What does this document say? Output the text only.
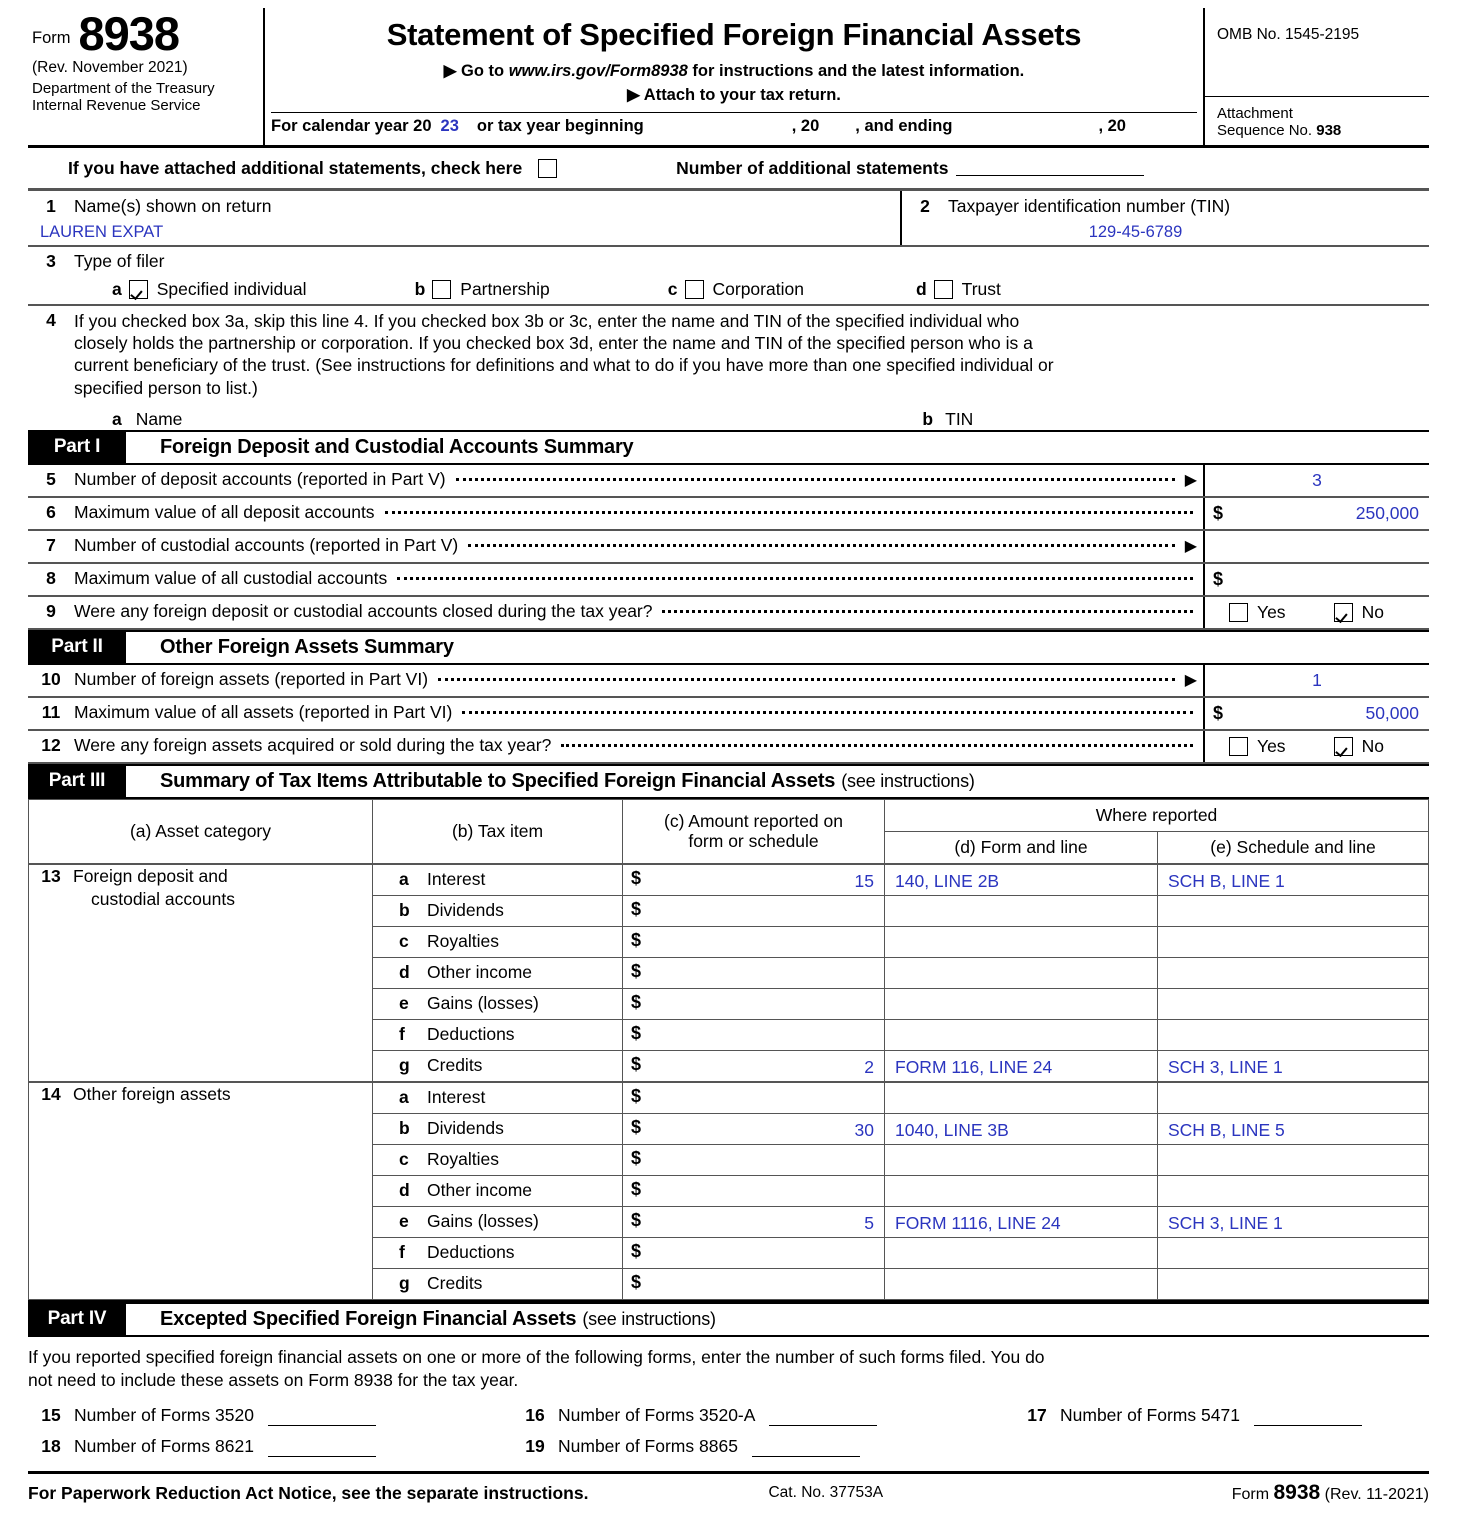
Form 8938
(Rev. November 2021)
Department of the Treasury
Internal Revenue Service
Statement of Specified Foreign Financial Assets
▶ Go to www.irs.gov/Form8938 for instructions and the latest information.
▶ Attach to your tax return.
For calendar year 20 23 or tax year beginning	, 20 , and ending	, 20
OMB No. 1545-2195
Attachment
Sequence No. 938
If you have attached additional statements, check here	Number of additional statements
1	Name(s) shown on return
LAUREN EXPAT
2	Taxpayer identification number (TIN)
129-45-6789
3	Type of filer
a Specified individual	b Partnership	c Corporation	d Trust
4	If you checked box 3a, skip this line 4. If you checked box 3b or 3c, enter the name and TIN of the specified individual who
closely holds the partnership or corporation. If you checked box 3d, enter the name and TIN of the specified person who is a
current beneficiary of the trust. (See instructions for definitions and what to do if you have more than one specified individual or
specified person to list.)
a Name	b TIN
Part I	Foreign Deposit and Custodial Accounts Summary
5	Number of deposit accounts (reported in Part V)	▶	3
6	Maximum value of all deposit accounts	$	250,000
7	Number of custodial accounts (reported in Part V)	▶
8	Maximum value of all custodial accounts	$
9	Were any foreign deposit or custodial accounts closed during the tax year?	Yes	No
Part II	Other Foreign Assets Summary
10 Number of foreign assets (reported in Part VI)	▶	1
11 Maximum value of all assets (reported in Part VI)	$	50,000
12 Were any foreign assets acquired or sold during the tax year?	Yes	No
Part III	Summary of Tax Items Attributable to Specified Foreign Financial Assets (see instructions)
(a) Asset category	(b) Tax item	(c) Amount reported on
form or schedule	Where reported	
			(d) Form and line	(e) Schedule and line
13 Foreign deposit and
custodial accounts	a Interest	$ 15	140, LINE 2B	SCH B, LINE 1

	b Dividends	$		

	c Royalties	$		

	d Other income	$		

	e Gains (losses)	$		

	f Deductions	$		

	g Credits	$ 2	FORM 116, LINE 24	SCH 3, LINE 1

14 Other foreign assets	a Interest	$		

	b Dividends	$ 30	1040, LINE 3B	SCH B, LINE 5

	c Royalties	$		

	d Other income	$		

	e Gains (losses)	$ 5	FORM 1116, LINE 24	SCH 3, LINE 1

	f Deductions	$		

	g Credits	$		

Part IV	Excepted Specified Foreign Financial Assets (see instructions)
If you reported specified foreign financial assets on one or more of the following forms, enter the number of such forms filed. You do
not need to include these assets on Form 8938 for the tax year.
15 Number of Forms 3520	16 Number of Forms 3520-A	17 Number of Forms 5471
18 Number of Forms 8621	19 Number of Forms 8865
For Paperwork Reduction Act Notice, see the separate instructions.	Cat. No. 37753A	Form 8938 (Rev. 11-2021)
